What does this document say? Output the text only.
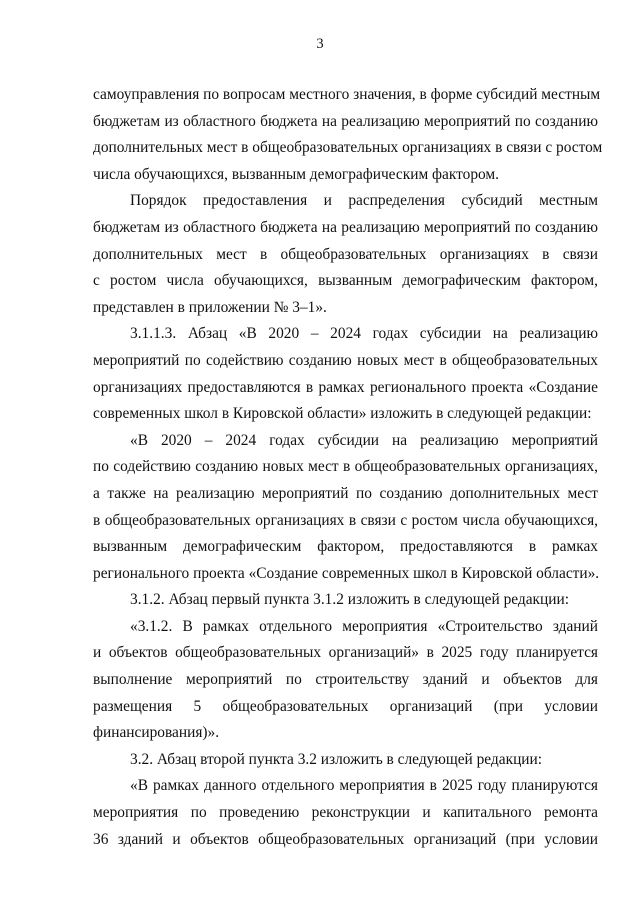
3
самоуправления по вопросам местного значения, в форме субсидий местным
бюджетам из областного бюджета на реализацию мероприятий по созданию
дополнительных мест в общеобразовательных организациях в связи с ростом
числа обучающихся, вызванным демографическим фактором.
Порядок предоставления и распределения субсидий местным
бюджетам из областного бюджета на реализацию мероприятий по созданию
дополнительных мест в общеобразовательных организациях в связи
с ростом числа обучающихся, вызванным демографическим фактором,
представлен в приложении № 3–1».
3.1.1.3. Абзац «В 2020 – 2024 годах субсидии на реализацию
мероприятий по содействию созданию новых мест в общеобразовательных
организациях предоставляются в рамках регионального проекта «Создание
современных школ в Кировской области» изложить в следующей редакции:
«В 2020 – 2024 годах субсидии на реализацию мероприятий
по содействию созданию новых мест в общеобразовательных организациях,
а также на реализацию мероприятий по созданию дополнительных мест
в общеобразовательных организациях в связи с ростом числа обучающихся,
вызванным демографическим фактором, предоставляются в рамках
регионального проекта «Создание современных школ в Кировской области».
3.1.2. Абзац первый пункта 3.1.2 изложить в следующей редакции:
«3.1.2. В рамках отдельного мероприятия «Строительство зданий
и объектов общеобразовательных организаций» в 2025 году планируется
выполнение мероприятий по строительству зданий и объектов для
размещения 5 общеобразовательных организаций (при условии
финансирования)».
3.2. Абзац второй пункта 3.2 изложить в следующей редакции:
«В рамках данного отдельного мероприятия в 2025 году планируются
мероприятия по проведению реконструкции и капитального ремонта
36 зданий и объектов общеобразовательных организаций (при условии
